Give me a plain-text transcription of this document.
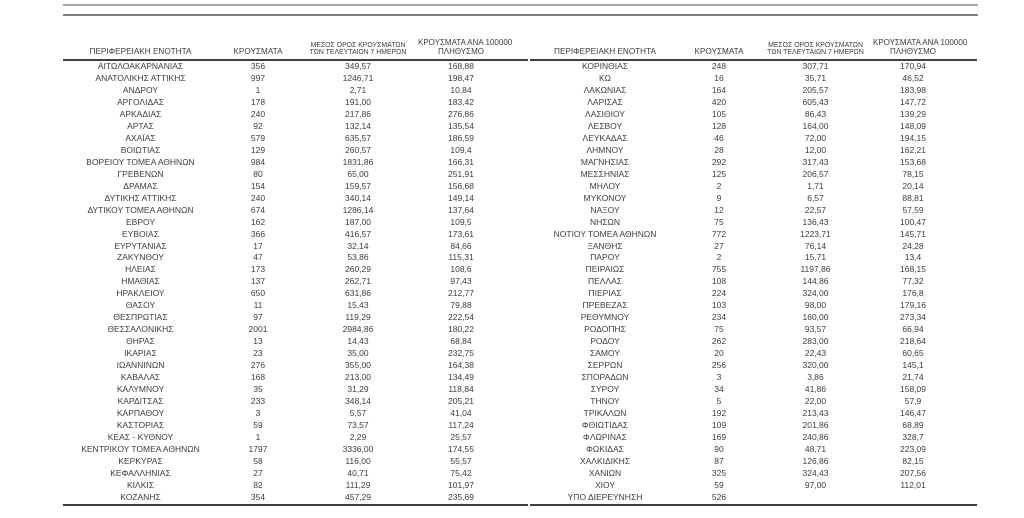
ΠΕΡΙΦΕΡΕΙΑΚΗ ΕΝΟΤΗΤΑ	ΚΡΟΥΣΜΑΤΑ	ΜΕΣΟΣ ΟΡΟΣ ΚΡΟΥΣΜΑΤΩΝ
ΤΩΝ ΤΕΛΕΥΤΑΙΩΝ 7 ΗΜΕΡΩΝ	ΚΡΟΥΣΜΑΤΑ ΑΝΑ 100000
ΠΛΗΘΥΣΜΟ
ΑΙΤΩΛΟΑΚΑΡΝΑΝΙΑΣ	356	349,57	168,88
ΑΝΑΤΟΛΙΚΗΣ ΑΤΤΙΚΗΣ	997	1246,71	198,47
ΑΝΔΡΟΥ	1	2,71	10,84
ΑΡΓΟΛΙΔΑΣ	178	191,00	183,42
ΑΡΚΑΔΙΑΣ	240	217,86	276,86
ΑΡΤΑΣ	92	132,14	135,54
ΑΧΑΪΑΣ	579	635,57	186,59
ΒΟΙΩΤΙΑΣ	129	260,57	109,4
ΒΟΡΕΙΟΥ ΤΟΜΕΑ ΑΘΗΝΩΝ	984	1831,86	166,31
ΓΡΕΒΕΝΩΝ	80	65,00	251,91
ΔΡΑΜΑΣ	154	159,57	156,68
ΔΥΤΙΚΗΣ ΑΤΤΙΚΗΣ	240	340,14	149,14
ΔΥΤΙΚΟΥ ΤΟΜΕΑ ΑΘΗΝΩΝ	674	1286,14	137,64
ΕΒΡΟΥ	162	187,00	109,5
ΕΥΒΟΙΑΣ	366	416,57	173,61
ΕΥΡΥΤΑΝΙΑΣ	17	32,14	84,66
ΖΑΚΥΝΘΟΥ	47	53,86	115,31
ΗΛΕΙΑΣ	173	260,29	108,6
ΗΜΑΘΙΑΣ	137	262,71	97,43
ΗΡΑΚΛΕΙΟΥ	650	631,86	212,77
ΘΑΣΟΥ	11	15,43	79,88
ΘΕΣΠΡΩΤΙΑΣ	97	119,29	222,54
ΘΕΣΣΑΛΟΝΙΚΗΣ	2001	2984,86	180,22
ΘΗΡΑΣ	13	14,43	68,84
ΙΚΑΡΙΑΣ	23	35,00	232,75
ΙΩΑΝΝΙΝΩΝ	276	355,00	164,38
ΚΑΒΑΛΑΣ	168	213,00	134,49
ΚΑΛΥΜΝΟΥ	35	31,29	118,84
ΚΑΡΔΙΤΣΑΣ	233	348,14	205,21
ΚΑΡΠΑΘΟΥ	3	5,57	41,04
ΚΑΣΤΟΡΙΑΣ	59	73,57	117,24
ΚΕΑΣ - ΚΥΘΝΟΥ	1	2,29	25,57
ΚΕΝΤΡΙΚΟΥ ΤΟΜΕΑ ΑΘΗΝΩΝ	1797	3336,00	174,55
ΚΕΡΚΥΡΑΣ	58	116,00	55,57
ΚΕΦΑΛΛΗΝΙΑΣ	27	40,71	75,42
ΚΙΛΚΙΣ	82	111,29	101,97
ΚΟΖΑΝΗΣ	354	457,29	235,69
ΠΕΡΙΦΕΡΕΙΑΚΗ ΕΝΟΤΗΤΑ	ΚΡΟΥΣΜΑΤΑ	ΜΕΣΟΣ ΟΡΟΣ ΚΡΟΥΣΜΑΤΩΝ
ΤΩΝ ΤΕΛΕΥΤΑΙΩΝ 7 ΗΜΕΡΩΝ	ΚΡΟΥΣΜΑΤΑ ΑΝΑ 100000
ΠΛΗΘΥΣΜΟ
ΚΟΡΙΝΘΙΑΣ	248	307,71	170,94
ΚΩ	16	35,71	46,52
ΛΑΚΩΝΙΑΣ	164	205,57	183,98
ΛΑΡΙΣΑΣ	420	605,43	147,72
ΛΑΣΙΘΙΟΥ	105	86,43	139,29
ΛΕΣΒΟΥ	128	164,00	148,09
ΛΕΥΚΑΔΑΣ	46	72,00	194,15
ΛΗΜΝΟΥ	28	12,00	162,21
ΜΑΓΝΗΣΙΑΣ	292	317,43	153,68
ΜΕΣΣΗΝΙΑΣ	125	206,57	78,15
ΜΗΛΟΥ	2	1,71	20,14
ΜΥΚΟΝΟΥ	9	6,57	88,81
ΝΑΞΟΥ	12	22,57	57,59
ΝΗΣΩΝ	75	136,43	100,47
ΝΟΤΙΟΥ ΤΟΜΕΑ ΑΘΗΝΩΝ	772	1223,71	145,71
ΞΑΝΘΗΣ	27	76,14	24,28
ΠΑΡΟΥ	2	15,71	13,4
ΠΕΙΡΑΙΩΣ	755	1197,86	168,15
ΠΕΛΛΑΣ	108	144,86	77,32
ΠΙΕΡΙΑΣ	224	324,00	176,8
ΠΡΕΒΕΖΑΣ	103	98,00	179,16
ΡΕΘΥΜΝΟΥ	234	160,00	273,34
ΡΟΔΟΠΗΣ	75	93,57	66,94
ΡΟΔΟΥ	262	283,00	218,64
ΣΑΜΟΥ	20	22,43	60,65
ΣΕΡΡΩΝ	256	320,00	145,1
ΣΠΟΡΑΔΩΝ	3	3,86	21,74
ΣΥΡΟΥ	34	41,86	158,09
ΤΗΝΟΥ	5	22,00	57,9
ΤΡΙΚΑΛΩΝ	192	213,43	146,47
ΦΘΙΩΤΙΔΑΣ	109	201,86	68,89
ΦΛΩΡΙΝΑΣ	169	240,86	328,7
ΦΩΚΙΔΑΣ	90	48,71	223,09
ΧΑΛΚΙΔΙΚΗΣ	87	126,86	82,15
ΧΑΝΙΩΝ	325	324,43	207,56
ΧΙΟΥ	59	97,00	112,01
ΥΠΟ ΔΙΕΡΕΥΝΗΣΗ	526		
